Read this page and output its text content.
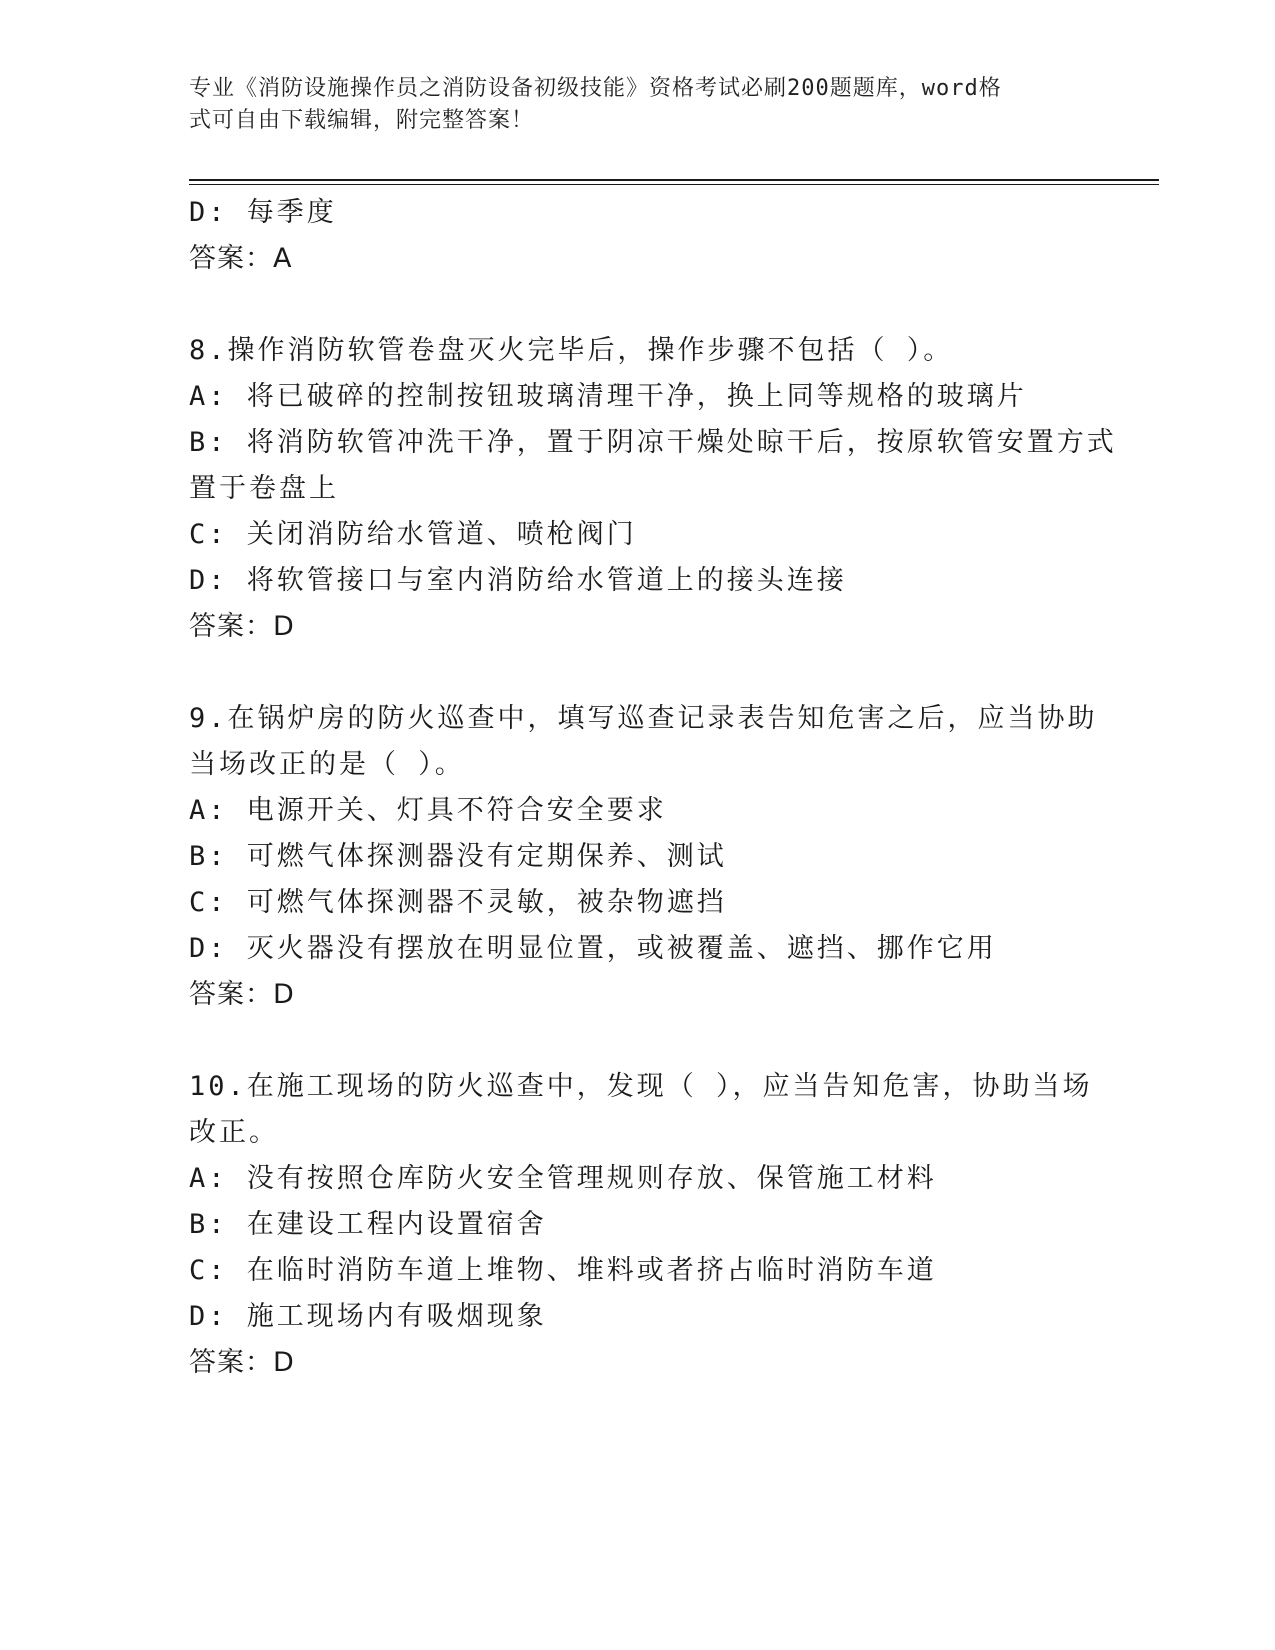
专业《消防设施操作员之消防设备初级技能》资格考试必刷200题题库，word格
式可自由下载编辑，附完整答案！
D: 每季度
答案：A
8.操作消防软管卷盘灭火完毕后，操作步骤不包括（ ）。
A: 将已破碎的控制按钮玻璃清理干净，换上同等规格的玻璃片
B: 将消防软管冲洗干净，置于阴凉干燥处晾干后，按原软管安置方式
置于卷盘上
C: 关闭消防给水管道、喷枪阀门
D: 将软管接口与室内消防给水管道上的接头连接
答案：D
9.在锅炉房的防火巡查中，填写巡查记录表告知危害之后，应当协助
当场改正的是（ ）。
A: 电源开关、灯具不符合安全要求
B: 可燃气体探测器没有定期保养、测试
C: 可燃气体探测器不灵敏，被杂物遮挡
D: 灭火器没有摆放在明显位置，或被覆盖、遮挡、挪作它用
答案：D
10.在施工现场的防火巡查中，发现（ ），应当告知危害，协助当场
改正。
A: 没有按照仓库防火安全管理规则存放、保管施工材料
B: 在建设工程内设置宿舍
C: 在临时消防车道上堆物、堆料或者挤占临时消防车道
D: 施工现场内有吸烟现象
答案：D
